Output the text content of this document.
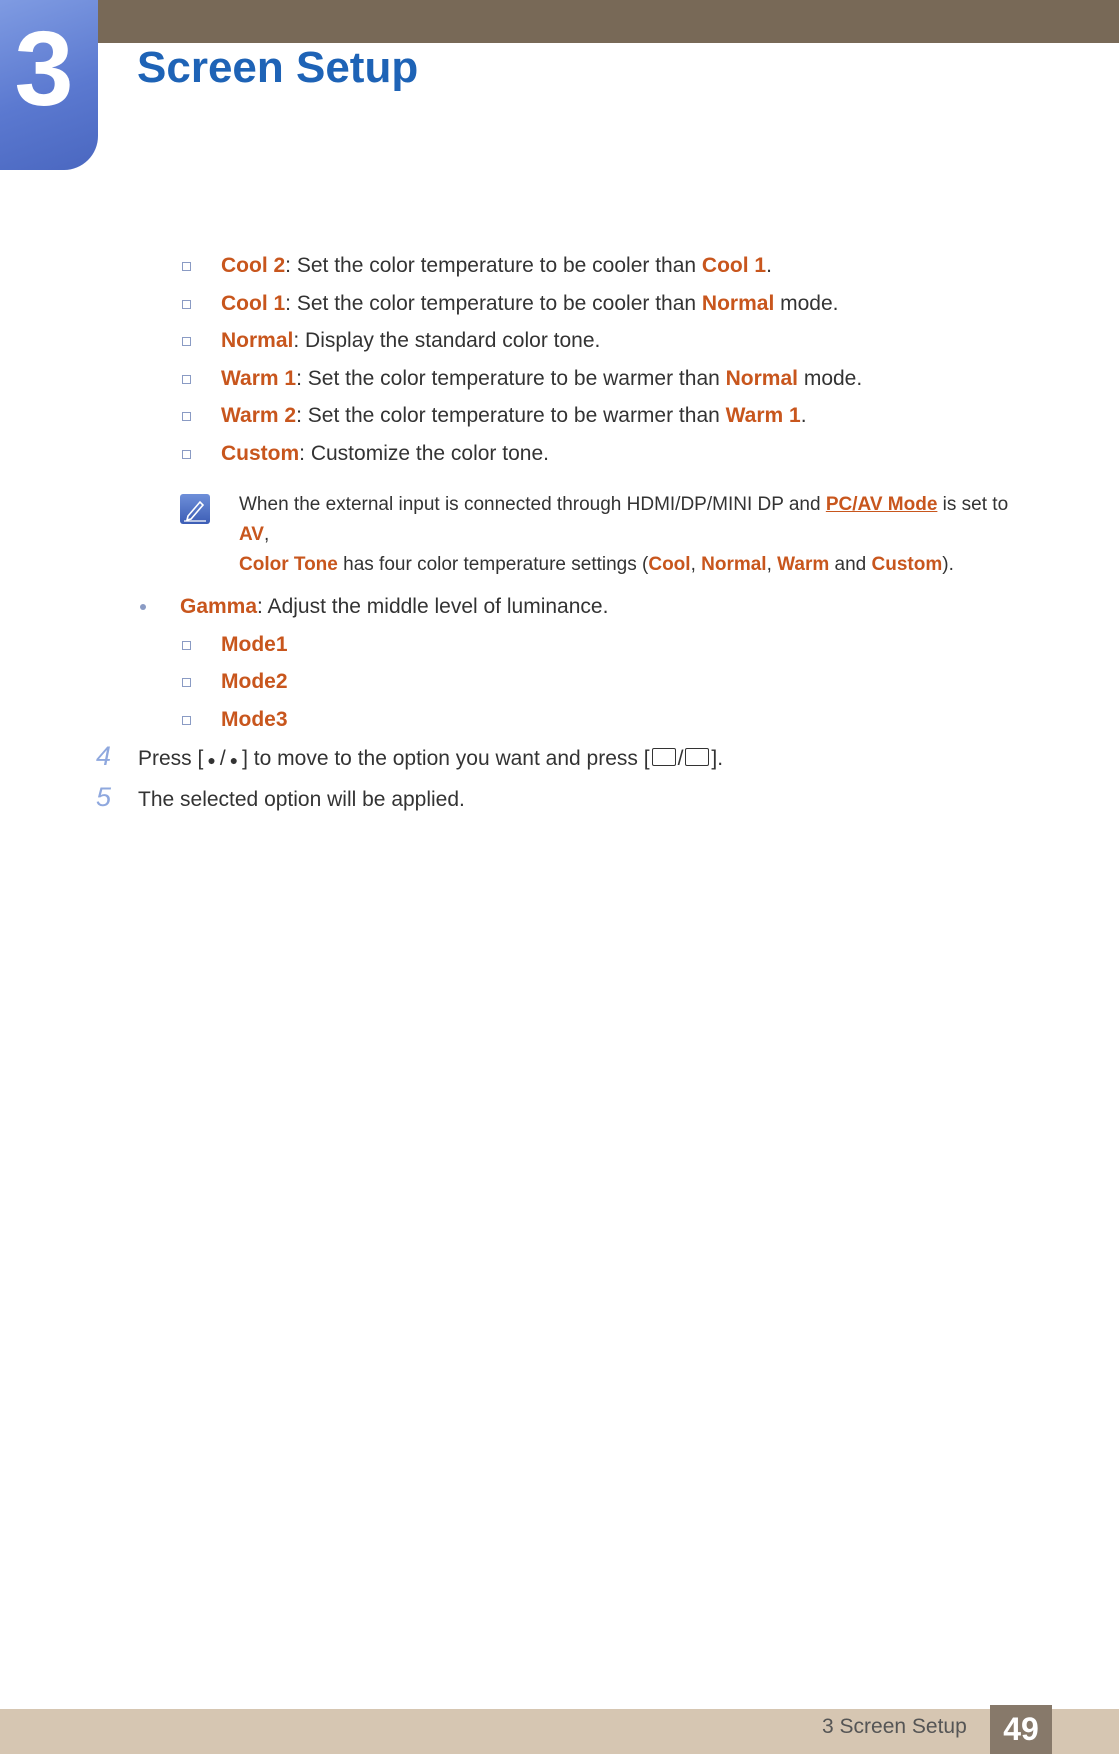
3 Screen Setup
Cool 2: Set the color temperature to be cooler than Cool 1.
Cool 1: Set the color temperature to be cooler than Normal mode.
Normal: Display the standard color tone.
Warm 1: Set the color temperature to be warmer than Normal mode.
Warm 2: Set the color temperature to be warmer than Warm 1.
Custom: Customize the color tone.
When the external input is connected through HDMI/DP/MINI DP and PC/AV Mode is set to
AV,
Color Tone has four color temperature settings (Cool, Normal, Warm and Custom).
Gamma: Adjust the middle level of luminance.
Mode1
Mode2
Mode3
4 Press [ ● / ● ] to move to the option you want and press [ / ].
5 The selected option will be applied.
3 Screen Setup	49
